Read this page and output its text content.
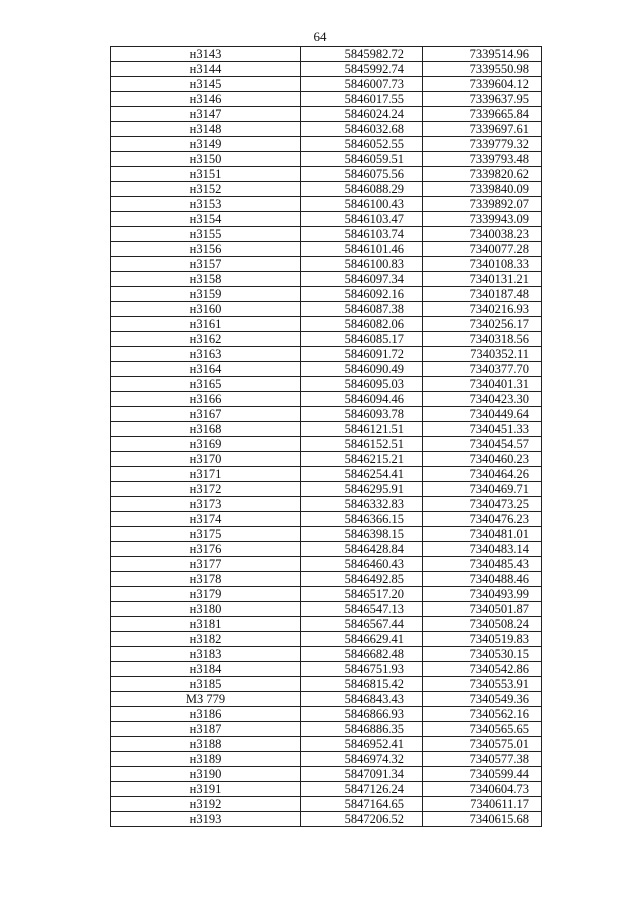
64
н3143	5845982.72	7339514.96
н3144	5845992.74	7339550.98
н3145	5846007.73	7339604.12
н3146	5846017.55	7339637.95
н3147	5846024.24	7339665.84
н3148	5846032.68	7339697.61
н3149	5846052.55	7339779.32
н3150	5846059.51	7339793.48
н3151	5846075.56	7339820.62
н3152	5846088.29	7339840.09
н3153	5846100.43	7339892.07
н3154	5846103.47	7339943.09
н3155	5846103.74	7340038.23
н3156	5846101.46	7340077.28
н3157	5846100.83	7340108.33
н3158	5846097.34	7340131.21
н3159	5846092.16	7340187.48
н3160	5846087.38	7340216.93
н3161	5846082.06	7340256.17
н3162	5846085.17	7340318.56
н3163	5846091.72	7340352.11
н3164	5846090.49	7340377.70
н3165	5846095.03	7340401.31
н3166	5846094.46	7340423.30
н3167	5846093.78	7340449.64
н3168	5846121.51	7340451.33
н3169	5846152.51	7340454.57
н3170	5846215.21	7340460.23
н3171	5846254.41	7340464.26
н3172	5846295.91	7340469.71
н3173	5846332.83	7340473.25
н3174	5846366.15	7340476.23
н3175	5846398.15	7340481.01
н3176	5846428.84	7340483.14
н3177	5846460.43	7340485.43
н3178	5846492.85	7340488.46
н3179	5846517.20	7340493.99
н3180	5846547.13	7340501.87
н3181	5846567.44	7340508.24
н3182	5846629.41	7340519.83
н3183	5846682.48	7340530.15
н3184	5846751.93	7340542.86
н3185	5846815.42	7340553.91
МЗ 779	5846843.43	7340549.36
н3186	5846866.93	7340562.16
н3187	5846886.35	7340565.65
н3188	5846952.41	7340575.01
н3189	5846974.32	7340577.38
н3190	5847091.34	7340599.44
н3191	5847126.24	7340604.73
н3192	5847164.65	7340611.17
н3193	5847206.52	7340615.68
